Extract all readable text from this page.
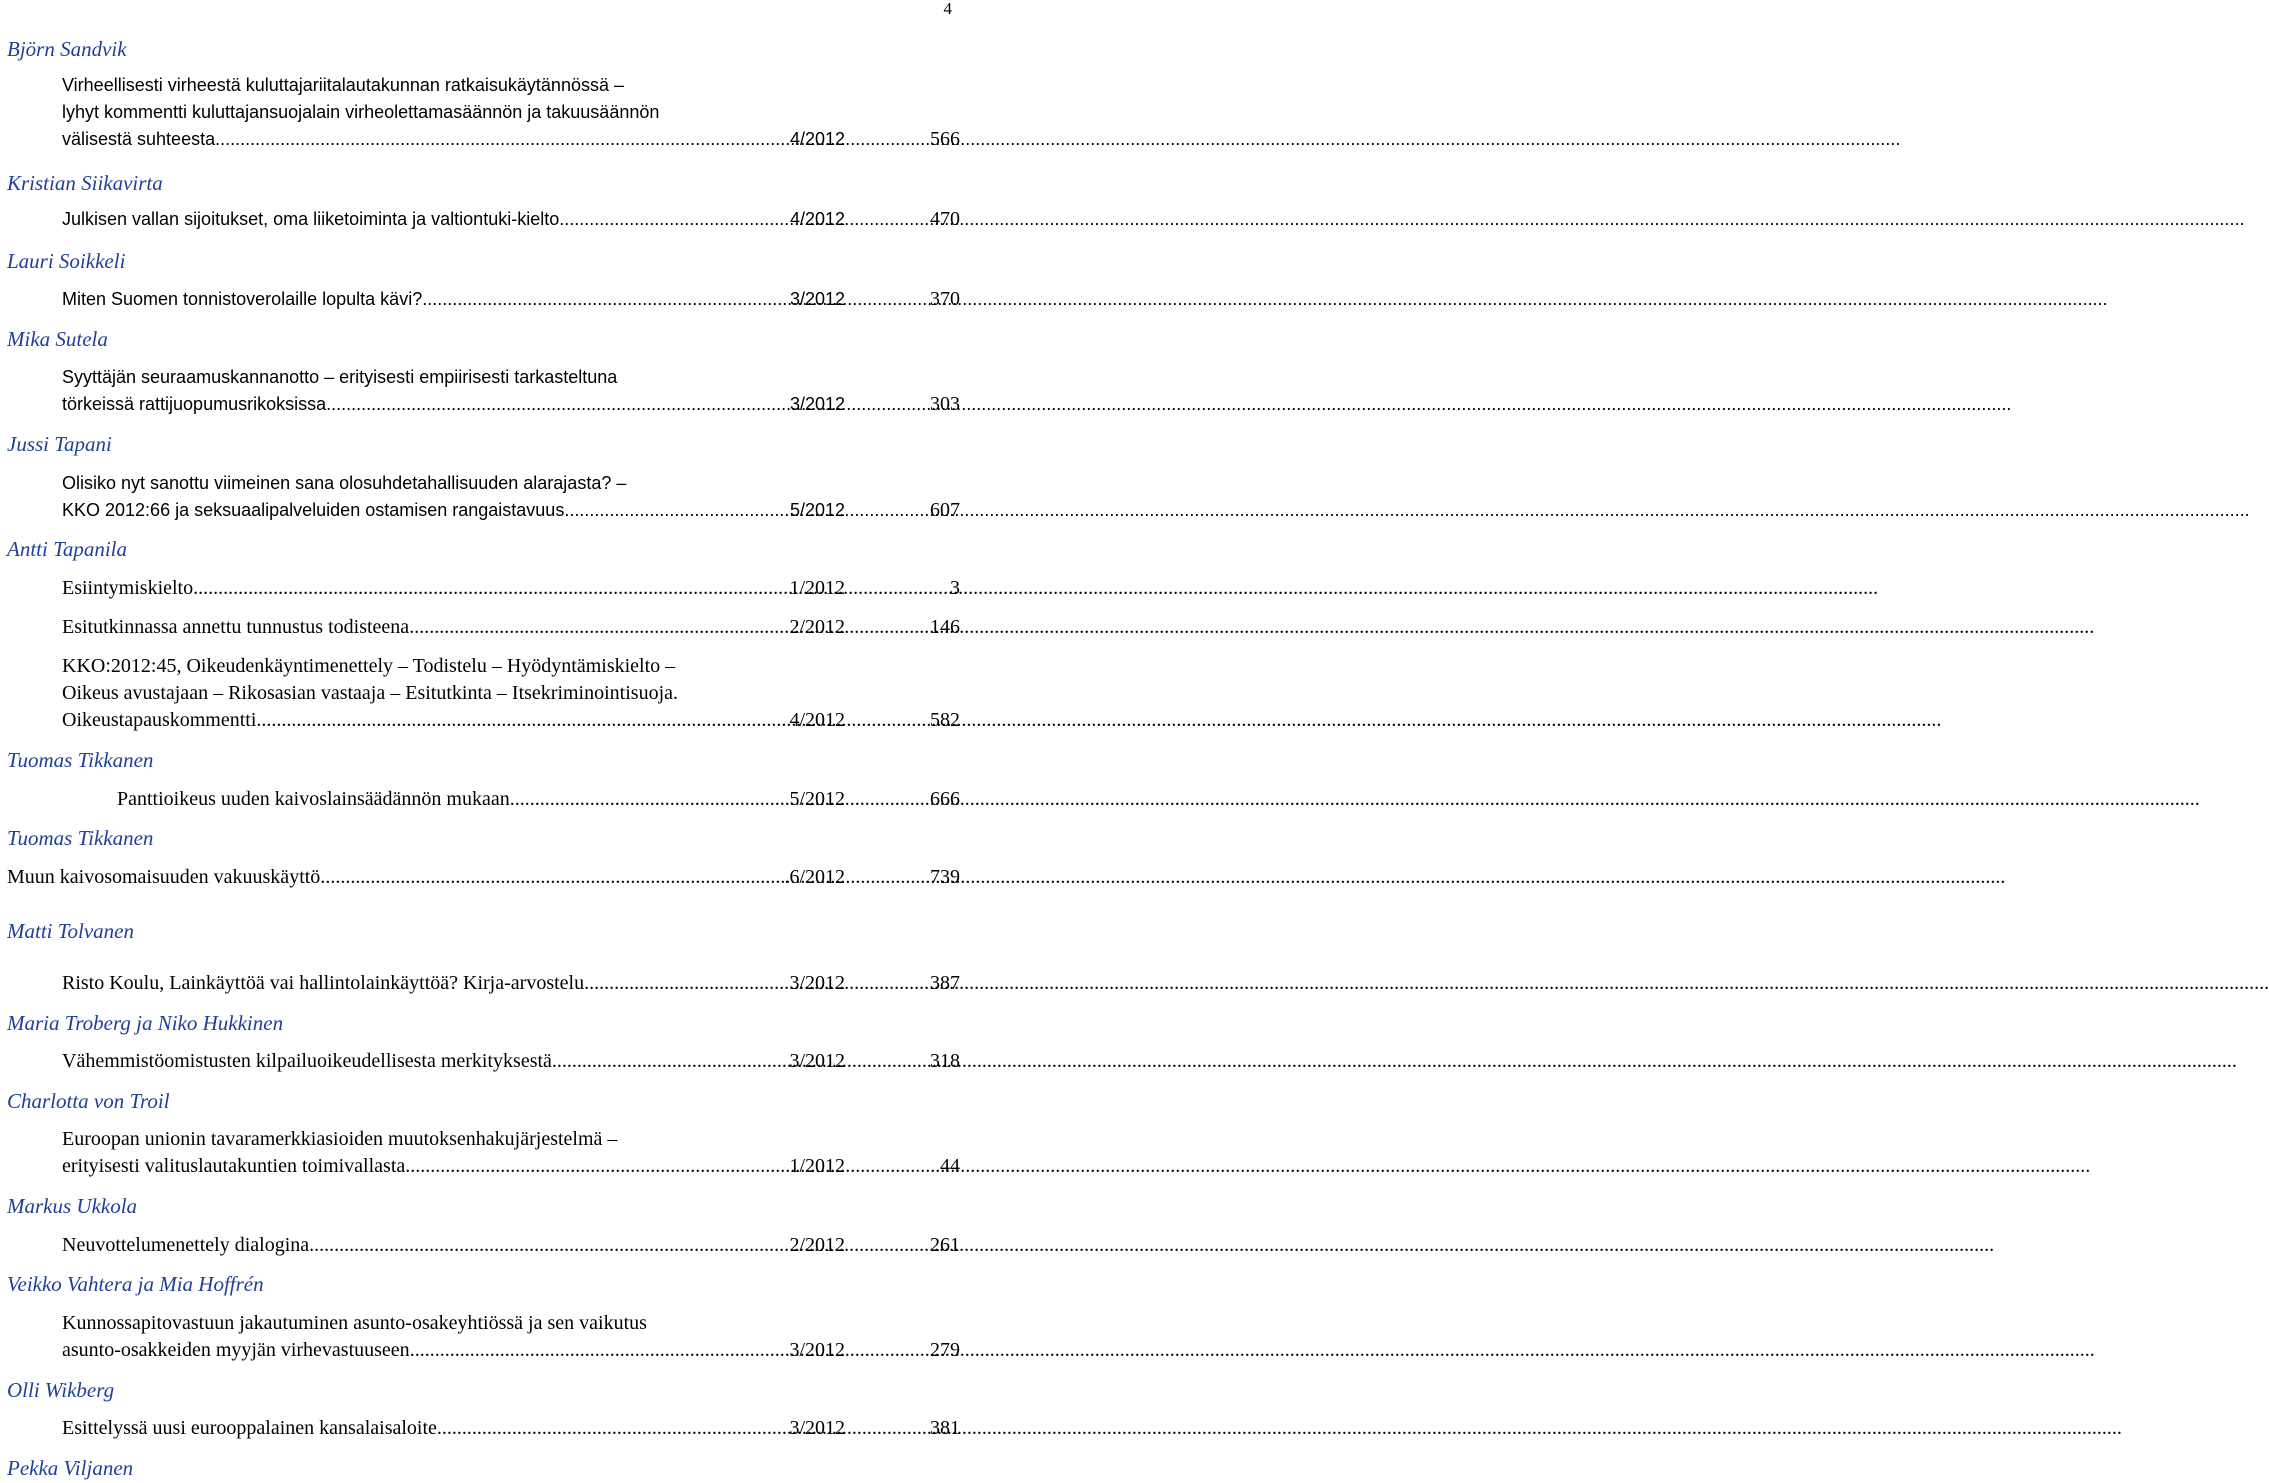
4
Björn Sandvik
Virheellisesti virheestä kuluttajariitalautakunnan ratkaisukäytännössä –
lyhyt kommentti kuluttajansuojalain virheolettamasäännön ja takuusäännön
välisestä suhteesta .....	4/2012	566
Kristian Siikavirta
Julkisen vallan sijoitukset, oma liiketoiminta ja valtiontuki-kielto .....	4/2012	470
Lauri Soikkeli
Miten Suomen tonnistoverolaille lopulta kävi? .....	3/2012	370
Mika Sutela
Syyttäjän seuraamuskannanotto – erityisesti empiirisesti tarkasteltuna
törkeissä rattijuopumusrikoksissa .....	3/2012	303
Jussi Tapani
Olisiko nyt sanottu viimeinen sana olosuhdetahallisuuden alarajasta? –
KKO 2012:66 ja seksuaalipalveluiden ostamisen rangaistavuus .....	5/2012	607
Antti Tapanila
Esiintymiskielto .....	1/2012	3
Esitutkinnassa annettu tunnustus todisteena .....	2/2012	146
KKO:2012:45, Oikeudenkäyntimenettely – Todistelu – Hyödyntämiskielto –
Oikeus avustajaan – Rikosasian vastaaja – Esitutkinta – Itsekriminointisuoja.
Oikeustapauskommentti .....	4/2012	582
Tuomas Tikkanen
Panttioikeus uuden kaivoslainsäädännön mukaan. .....	5/2012	666
Tuomas Tikkanen
Muun kaivosomaisuuden vakuuskäyttö .....	.6/2012	739
Matti Tolvanen
Risto Koulu, Lainkäyttöä vai hallintolainkäyttöä? Kirja-arvostelu .....	3/2012	387
Maria Troberg ja Niko Hukkinen
Vähemmistöomistusten kilpailuoikeudellisesta merkityksestä .....	3/2012	318
Charlotta von Troil
Euroopan unionin tavaramerkkiasioiden muutoksenhakujärjestelmä –
erityisesti valituslautakuntien toimivallasta .....	1/2012	44
Markus Ukkola
Neuvottelumenettely dialogina .....	2/2012	261
Veikko Vahtera ja Mia Hoffrén
Kunnossapitovastuun jakautuminen asunto-osakeyhtiössä ja sen vaikutus
asunto-osakkeiden myyjän virhevastuuseen .....	3/2012	279
Olli Wikberg
Esittelyssä uusi eurooppalainen kansalaisaloite .....	3/2012	381
Pekka Viljanen
